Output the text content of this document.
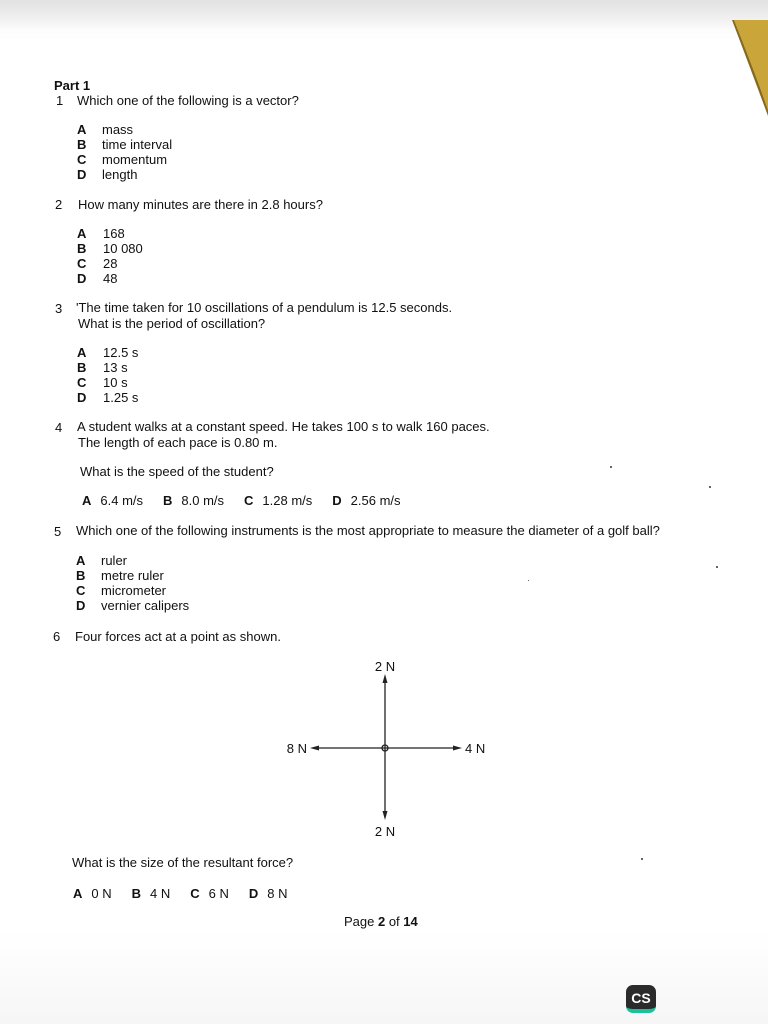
Part 1
1 Which one of the following is a vector?
A mass
B time interval
C momentum
D length
2 How many minutes are there in 2.8 hours?
A 168
B 10 080
C 28
D 48
3 'The time taken for 10 oscillations of a pendulum is 12.5 seconds.
What is the period of oscillation?
A 12.5 s
B 13 s
C 10 s
D 1.25 s
4 A student walks at a constant speed. He takes 100 s to walk 160 paces.
The length of each pace is 0.80 m.
What is the speed of the student?
A 6.4 m/s B 8.0 m/s C 1.28 m/s D 2.56 m/s
5 Which one of the following instruments is the most appropriate to measure the diameter of a golf ball?
A ruler
B metre ruler
C micrometer
D vernier calipers
6 Four forces act at a point as shown.
2 N
2 N
8 N	4 N
What is the size of the resultant force?
A 0 N B 4 N C 6 N D 8 N
Page 2 of 14
CS
